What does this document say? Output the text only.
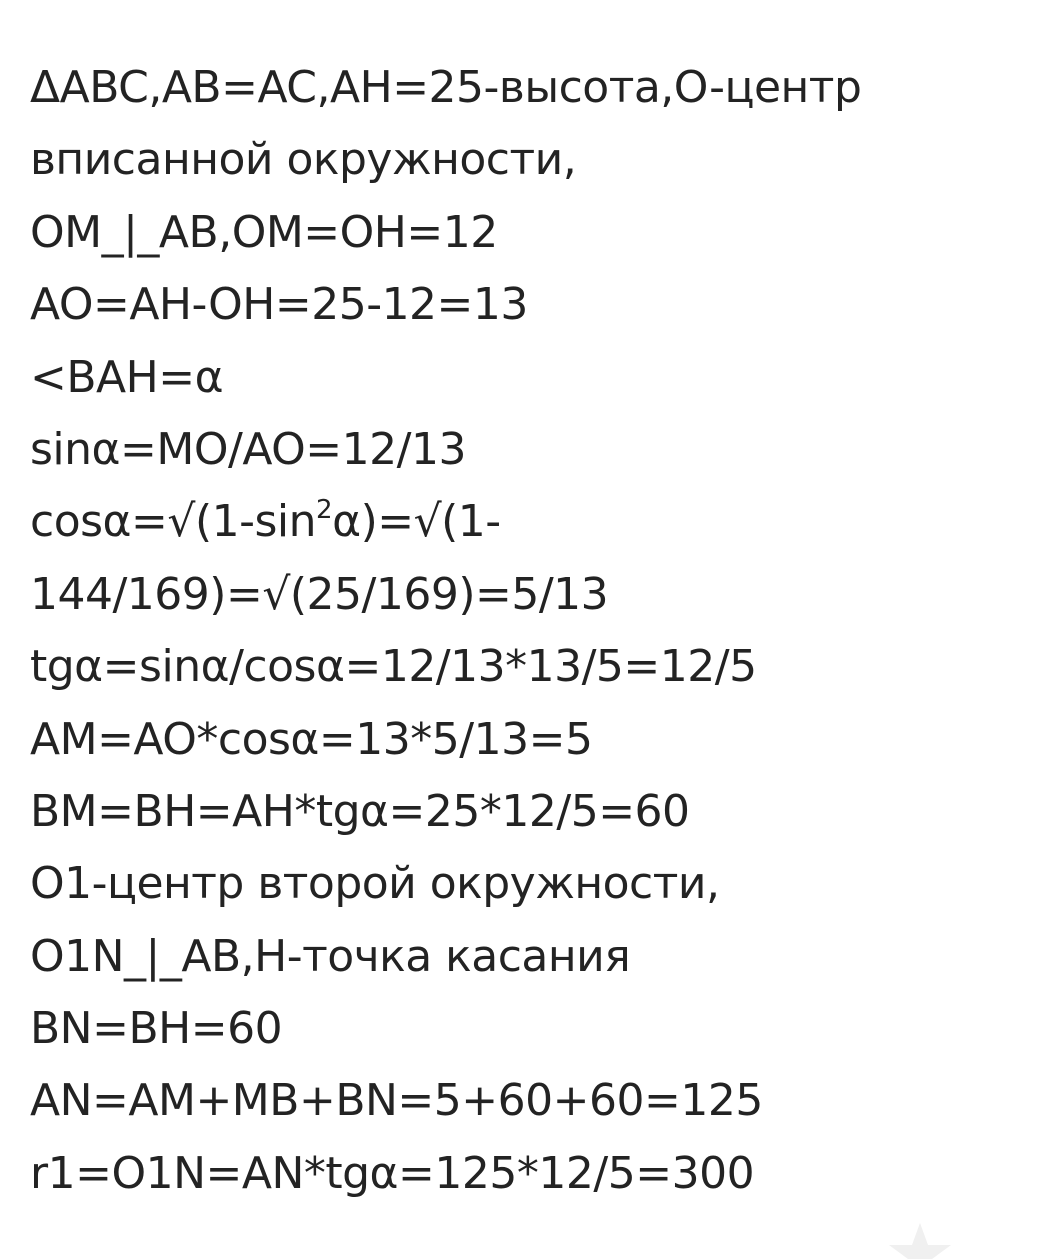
ΔABC,AB=AC,AH=25-высота,O-центр
вписанной окружности,
OM_|_AB,OM=OH=12
AO=AH-OH=25-12=13
<BAH=α
sinα=MO/AO=12/13
$\cos\alpha=√(1-\sin^2\alpha)=√(1-$
144/169)=√(25/169)=5/13
tgα=sinα/cosα=12/13*13/5=12/5
AM=AO*cosα=13*5/13=5
BM=BH=AH*tgα=25*12/5=60
O1-центр второй окружности,
O1N_|_AB,H-точка касания
BN=BH=60
AN=AM+MB+BN=5+60+60=125
r1=O1N=AN*tgα=125*12/5=300
